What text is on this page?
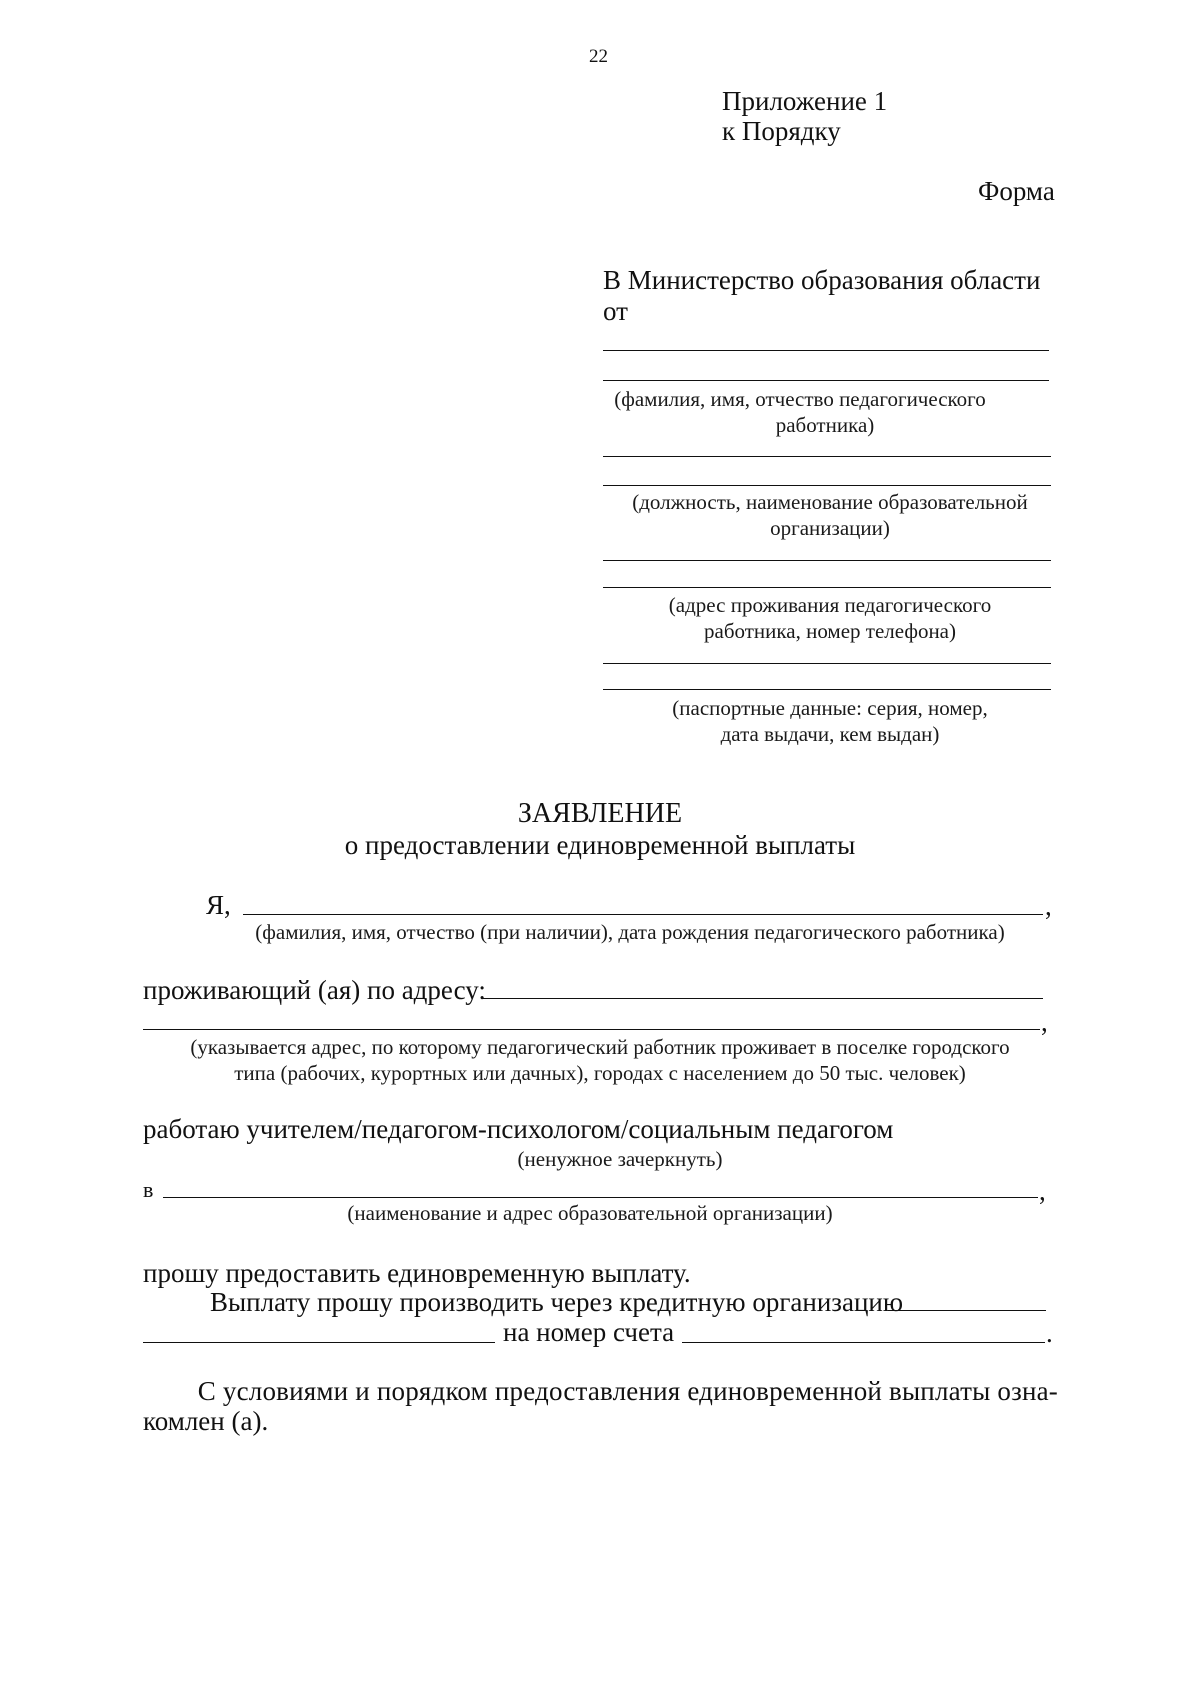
22
Приложение 1
к Порядку
Форма
В Министерство образования области
от
(фамилия, имя, отчество педагогического
работника)
(должность, наименование образовательной
организации)
(адрес проживания педагогического
работника, номер телефона)
(паспортные данные: серия, номер,
дата выдачи, кем выдан)
ЗАЯВЛЕНИЕ
о предоставлении единовременной выплаты
Я,	,
(фамилия, имя, отчество (при наличии), дата рождения педагогического работника)
проживающий (ая) по адресу:
,
(указывается адрес, по которому педагогический работник проживает в поселке городского
типа (рабочих, курортных или дачных), городах с населением до 50 тыс. человек)
работаю учителем/педагогом-психологом/социальным педагогом
(ненужное зачеркнуть)
в	,
(наименование и адрес образовательной организации)
прошу предоставить единовременную выплату.
Выплату прошу производить через кредитную организацию
на номер счета	.
С условиями и порядком предоставления единовременной выплаты озна-
комлен (а).
